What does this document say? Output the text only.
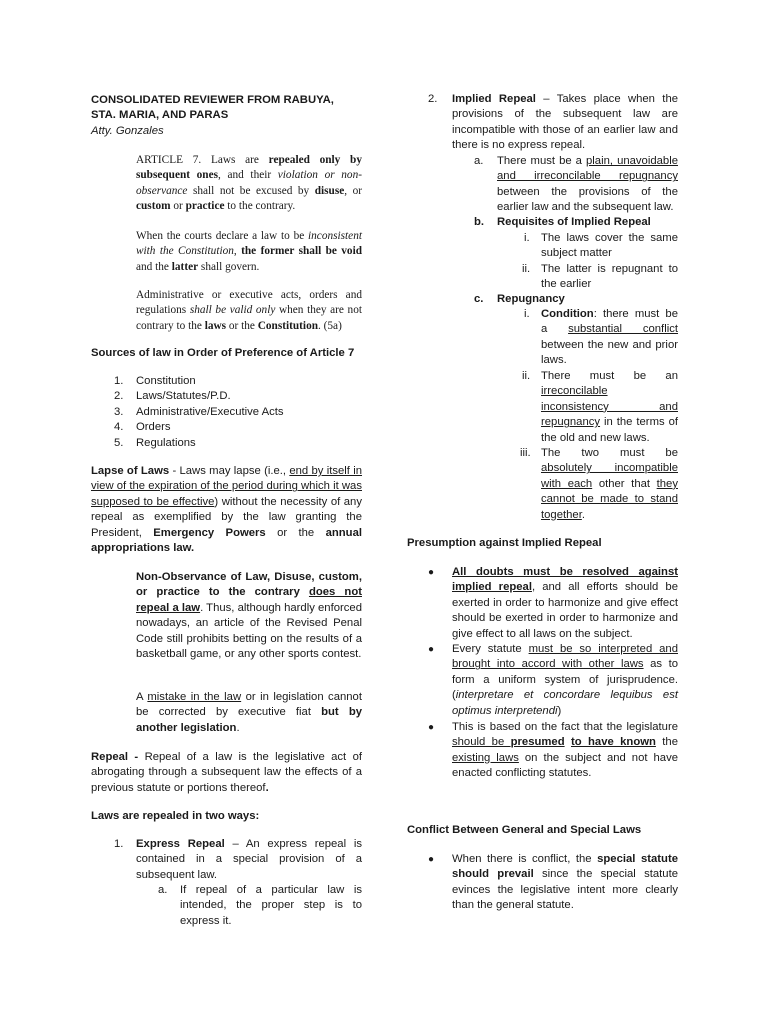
CONSOLIDATED REVIEWER FROM RABUYA,
STA. MARIA, AND PARAS
Atty. Gonzales
ARTICLE 7. Laws are repealed only by subsequent ones, and their violation or non-observance shall not be excused by disuse, or custom or practice to the contrary.
When the courts declare a law to be inconsistent with the Constitution, the former shall be void and the latter shall govern.
Administrative or executive acts, orders and regulations shall be valid only when they are not contrary to the laws or the Constitution. (5a)
Sources of law in Order of Preference of Article 7
1. Constitution
2. Laws/Statutes/P.D.
3. Administrative/Executive Acts
4. Orders
5. Regulations
Lapse of Laws - Laws may lapse (i.e., end by itself in view of the expiration of the period during which it was supposed to be effective) without the necessity of any repeal as exemplified by the law granting the President, Emergency Powers or the annual appropriations law.
Non-Observance of Law, Disuse, custom, or practice to the contrary does not repeal a law. Thus, although hardly enforced nowadays, an article of the Revised Penal Code still prohibits betting on the results of a basketball game, or any other sports contest.
A mistake in the law or in legislation cannot be corrected by executive fiat but by another legislation.
Repeal - Repeal of a law is the legislative act of abrogating through a subsequent law the effects of a previous statute or portions thereof.
Laws are repealed in two ways:
1. Express Repeal – An express repeal is contained in a special provision of a subsequent law.
a. If repeal of a particular law is intended, the proper step is to express it.
2. Implied Repeal – Takes place when the provisions of the subsequent law are incompatible with those of an earlier law and there is no express repeal.
a. There must be a plain, unavoidable and irreconcilable repugnancy between the provisions of the earlier law and the subsequent law.
b. Requisites of Implied Repeal
i. The laws cover the same subject matter
ii. The latter is repugnant to the earlier
c. Repugnancy
i. Condition: there must be a substantial conflict between the new and prior laws.
ii. There must be an irreconcilable inconsistency and repugnancy in the terms of the old and new laws.
iii. The two must be absolutely incompatible with each other that they cannot be made to stand together.
Presumption against Implied Repeal
● All doubts must be resolved against implied repeal, and all efforts should be exerted in order to harmonize and give effect should be exerted in order to harmonize and give effect to all laws on the subject.
● Every statute must be so interpreted and brought into accord with other laws as to form a uniform system of jurisprudence. (interpretare et concordare lequibus est optimus interpretendi)
● This is based on the fact that the legislature should be presumed to have known the existing laws on the subject and not have enacted conflicting statutes.
Conflict Between General and Special Laws
● When there is conflict, the special statute should prevail since the special statute evinces the legislative intent more clearly than the general statute.
